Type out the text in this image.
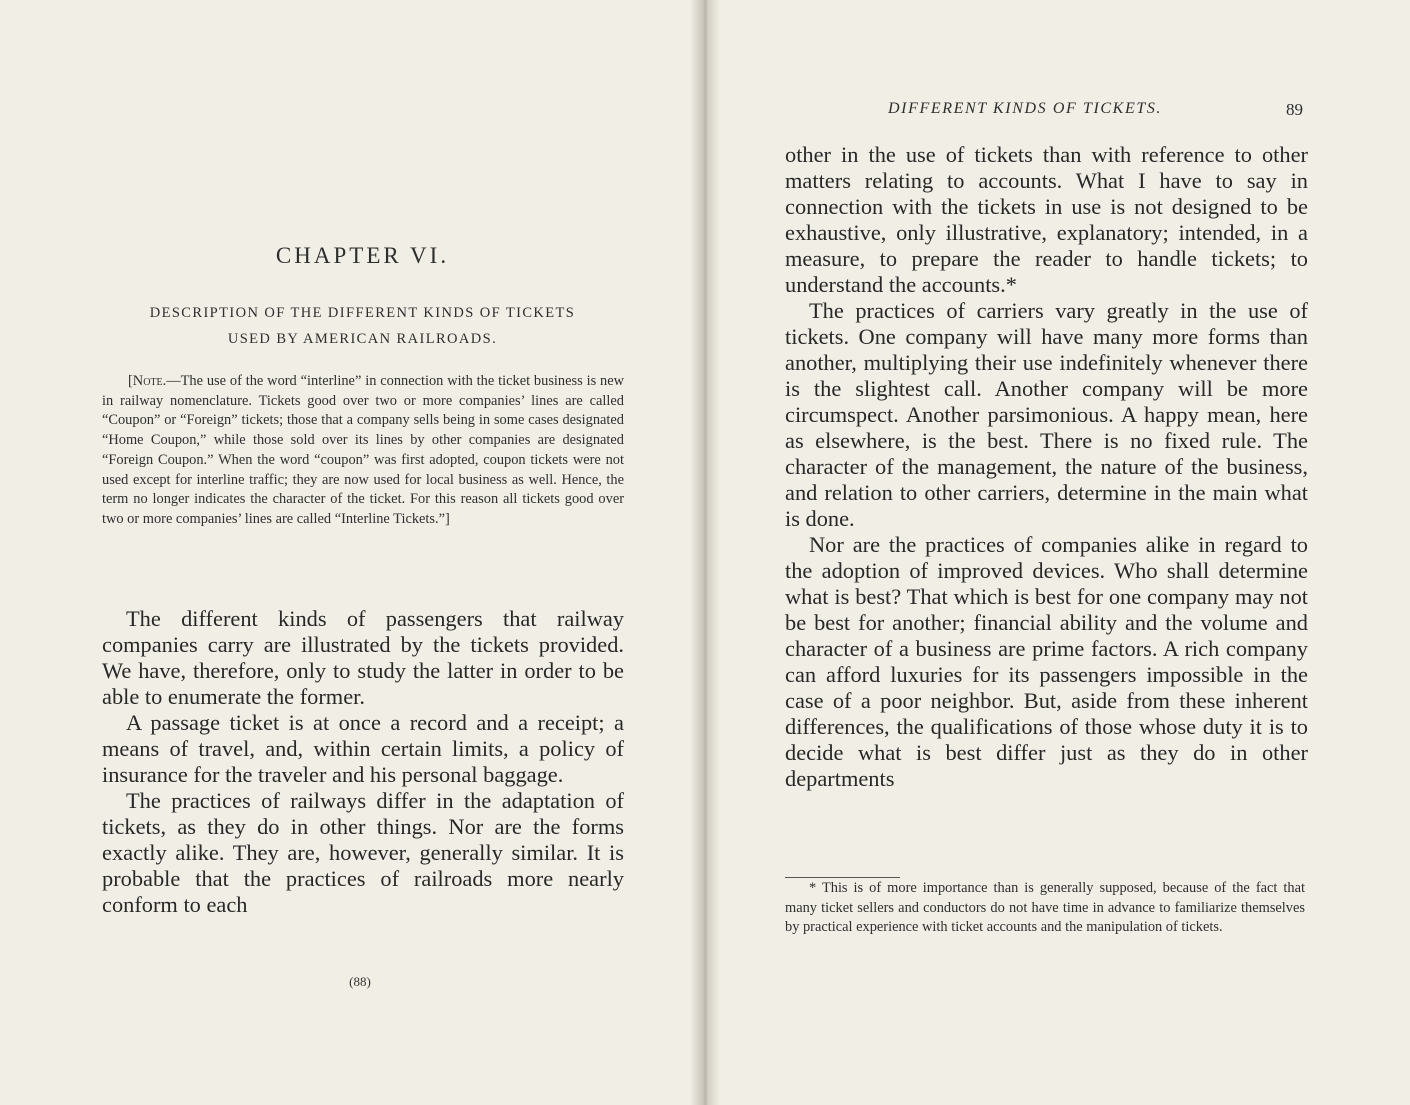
CHAPTER VI.
DESCRIPTION OF THE DIFFERENT KINDS OF TICKETS
USED BY AMERICAN RAILROADS.

[Note.—The use of the word “interline” in connection with the ticket business is new in railway nomenclature. Tickets good over two or more companies’ lines are called “Coupon” or “Foreign” tickets; those that a company sells being in some cases designated “Home Coupon,” while those sold over its lines by other companies are designated “Foreign Coupon.” When the word “coupon” was first adopted, coupon tickets were not used except for interline traffic; they are now used for local business as well. Hence, the term no longer indicates the character of the ticket. For this reason all tickets good over two or more companies’ lines are called “Interline Tickets.”]

The different kinds of passengers that railway companies carry are illustrated by the tickets provided. We have, therefore, only to study the latter in order to be able to enumerate the former.

A passage ticket is at once a record and a receipt; a means of travel, and, within certain limits, a policy of insurance for the traveler and his personal baggage.

The practices of railways differ in the adaptation of tickets, as they do in other things. Nor are the forms exactly alike. They are, however, generally similar. It is probable that the practices of railroads more nearly conform to each

(88)
DIFFERENT KINDS OF TICKETS.	89

other in the use of tickets than with reference to other matters relating to accounts. What I have to say in connection with the tickets in use is not designed to be exhaustive, only illustrative, explanatory; intended, in a measure, to prepare the reader to handle tickets; to understand the accounts.*

The practices of carriers vary greatly in the use of tickets. One company will have many more forms than another, multiplying their use indefinitely whenever there is the slightest call. Another company will be more circumspect. Another parsimonious. A happy mean, here as elsewhere, is the best. There is no fixed rule. The character of the management, the nature of the business, and relation to other carriers, determine in the main what is done.

Nor are the practices of companies alike in regard to the adoption of improved devices. Who shall determine what is best? That which is best for one company may not be best for another; financial ability and the volume and character of a business are prime factors. A rich company can afford luxuries for its passengers impossible in the case of a poor neighbor. But, aside from these inherent differences, the qualifications of those whose duty it is to decide what is best differ just as they do in other departments

* This is of more importance than is generally supposed, because of the fact that many ticket sellers and conductors do not have time in advance to familiarize themselves by practical experience with ticket accounts and the manipulation of tickets.
